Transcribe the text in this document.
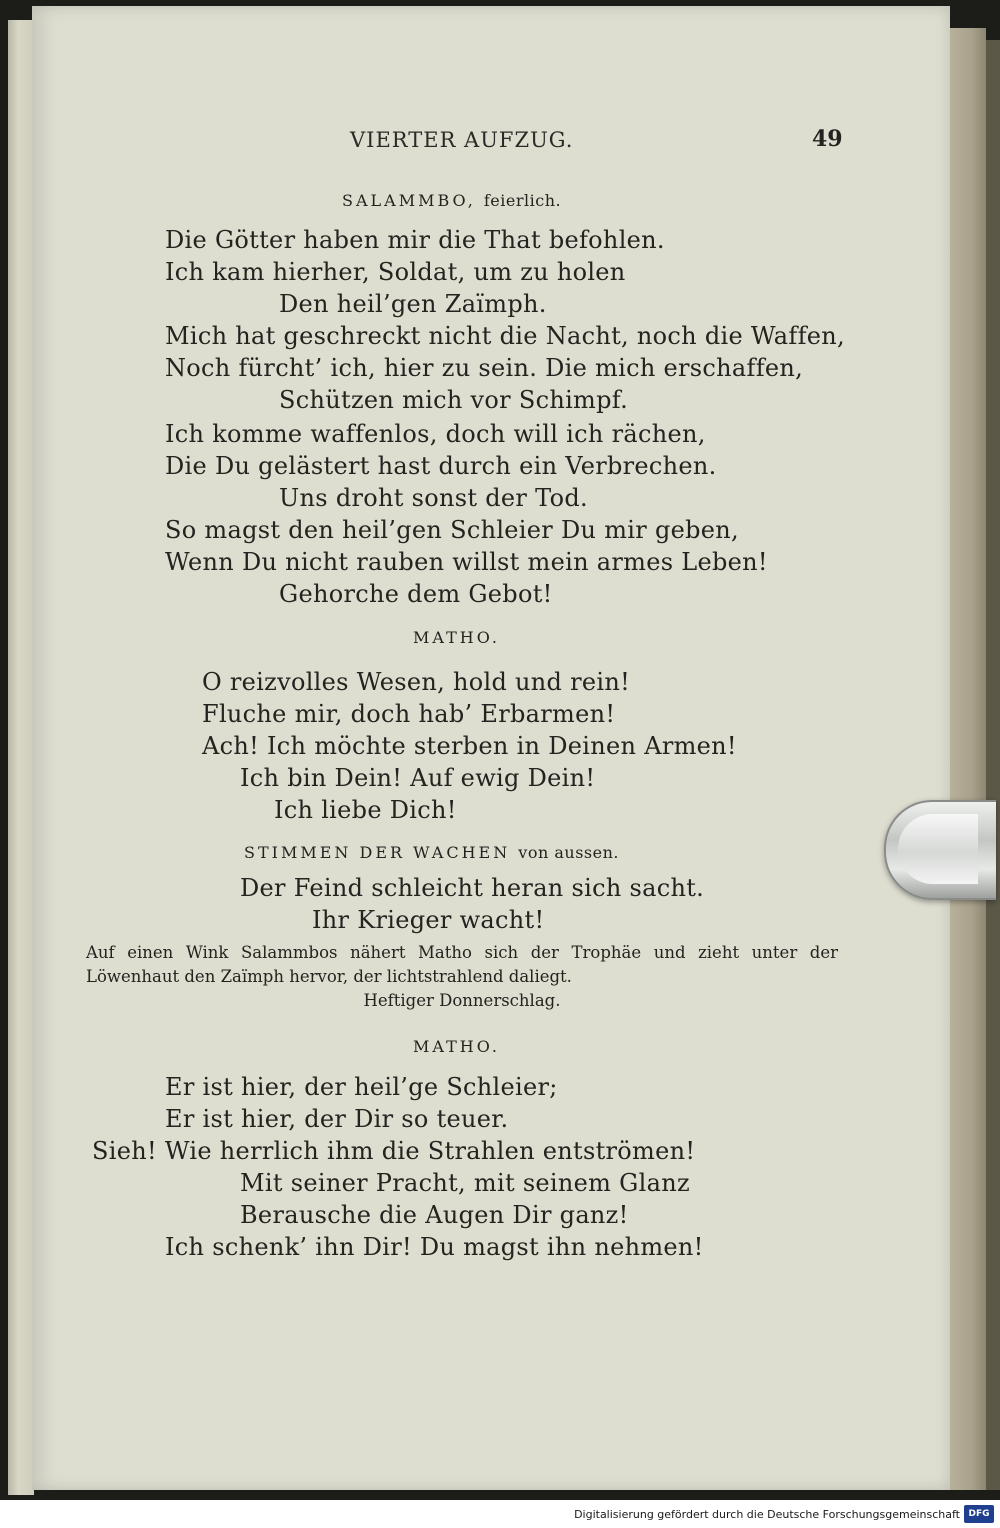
VIERTER AUFZUG.	49
SALAMMBO, feierlich.
Die Götter haben mir die That befohlen.
Ich kam hierher, Soldat, um zu holen
Den heil’gen Zaïmph.
Mich hat geschreckt nicht die Nacht, noch die Waffen,
Noch fürcht’ ich, hier zu sein. Die mich erschaffen,
Schützen mich vor Schimpf.
Ich komme waffenlos, doch will ich rächen,
Die Du gelästert hast durch ein Verbrechen.
Uns droht sonst der Tod.
So magst den heil’gen Schleier Du mir geben,
Wenn Du nicht rauben willst mein armes Leben!
Gehorche dem Gebot!
MATHO.
O reizvolles Wesen, hold und rein!
Fluche mir, doch hab’ Erbarmen!
Ach! Ich möchte sterben in Deinen Armen!
Ich bin Dein! Auf ewig Dein!
Ich liebe Dich!
STIMMEN DER WACHEN von aussen.
Der Feind schleicht heran sich sacht.
Ihr Krieger wacht!
Auf einen Wink Salammbos nähert Matho sich der Trophäe und zieht unter der Löwenhaut den Zaïmph hervor, der lichtstrahlend daliegt.
Heftiger Donnerschlag.
MATHO.
Er ist hier, der heil’ge Schleier;
Er ist hier, der Dir so teuer.
Sieh! Wie herrlich ihm die Strahlen entströmen!
Mit seiner Pracht, mit seinem Glanz
Berausche die Augen Dir ganz!
Ich schenk’ ihn Dir! Du magst ihn nehmen!
Digitalisierung gefördert durch die Deutsche Forschungsgemeinschaft DFG
